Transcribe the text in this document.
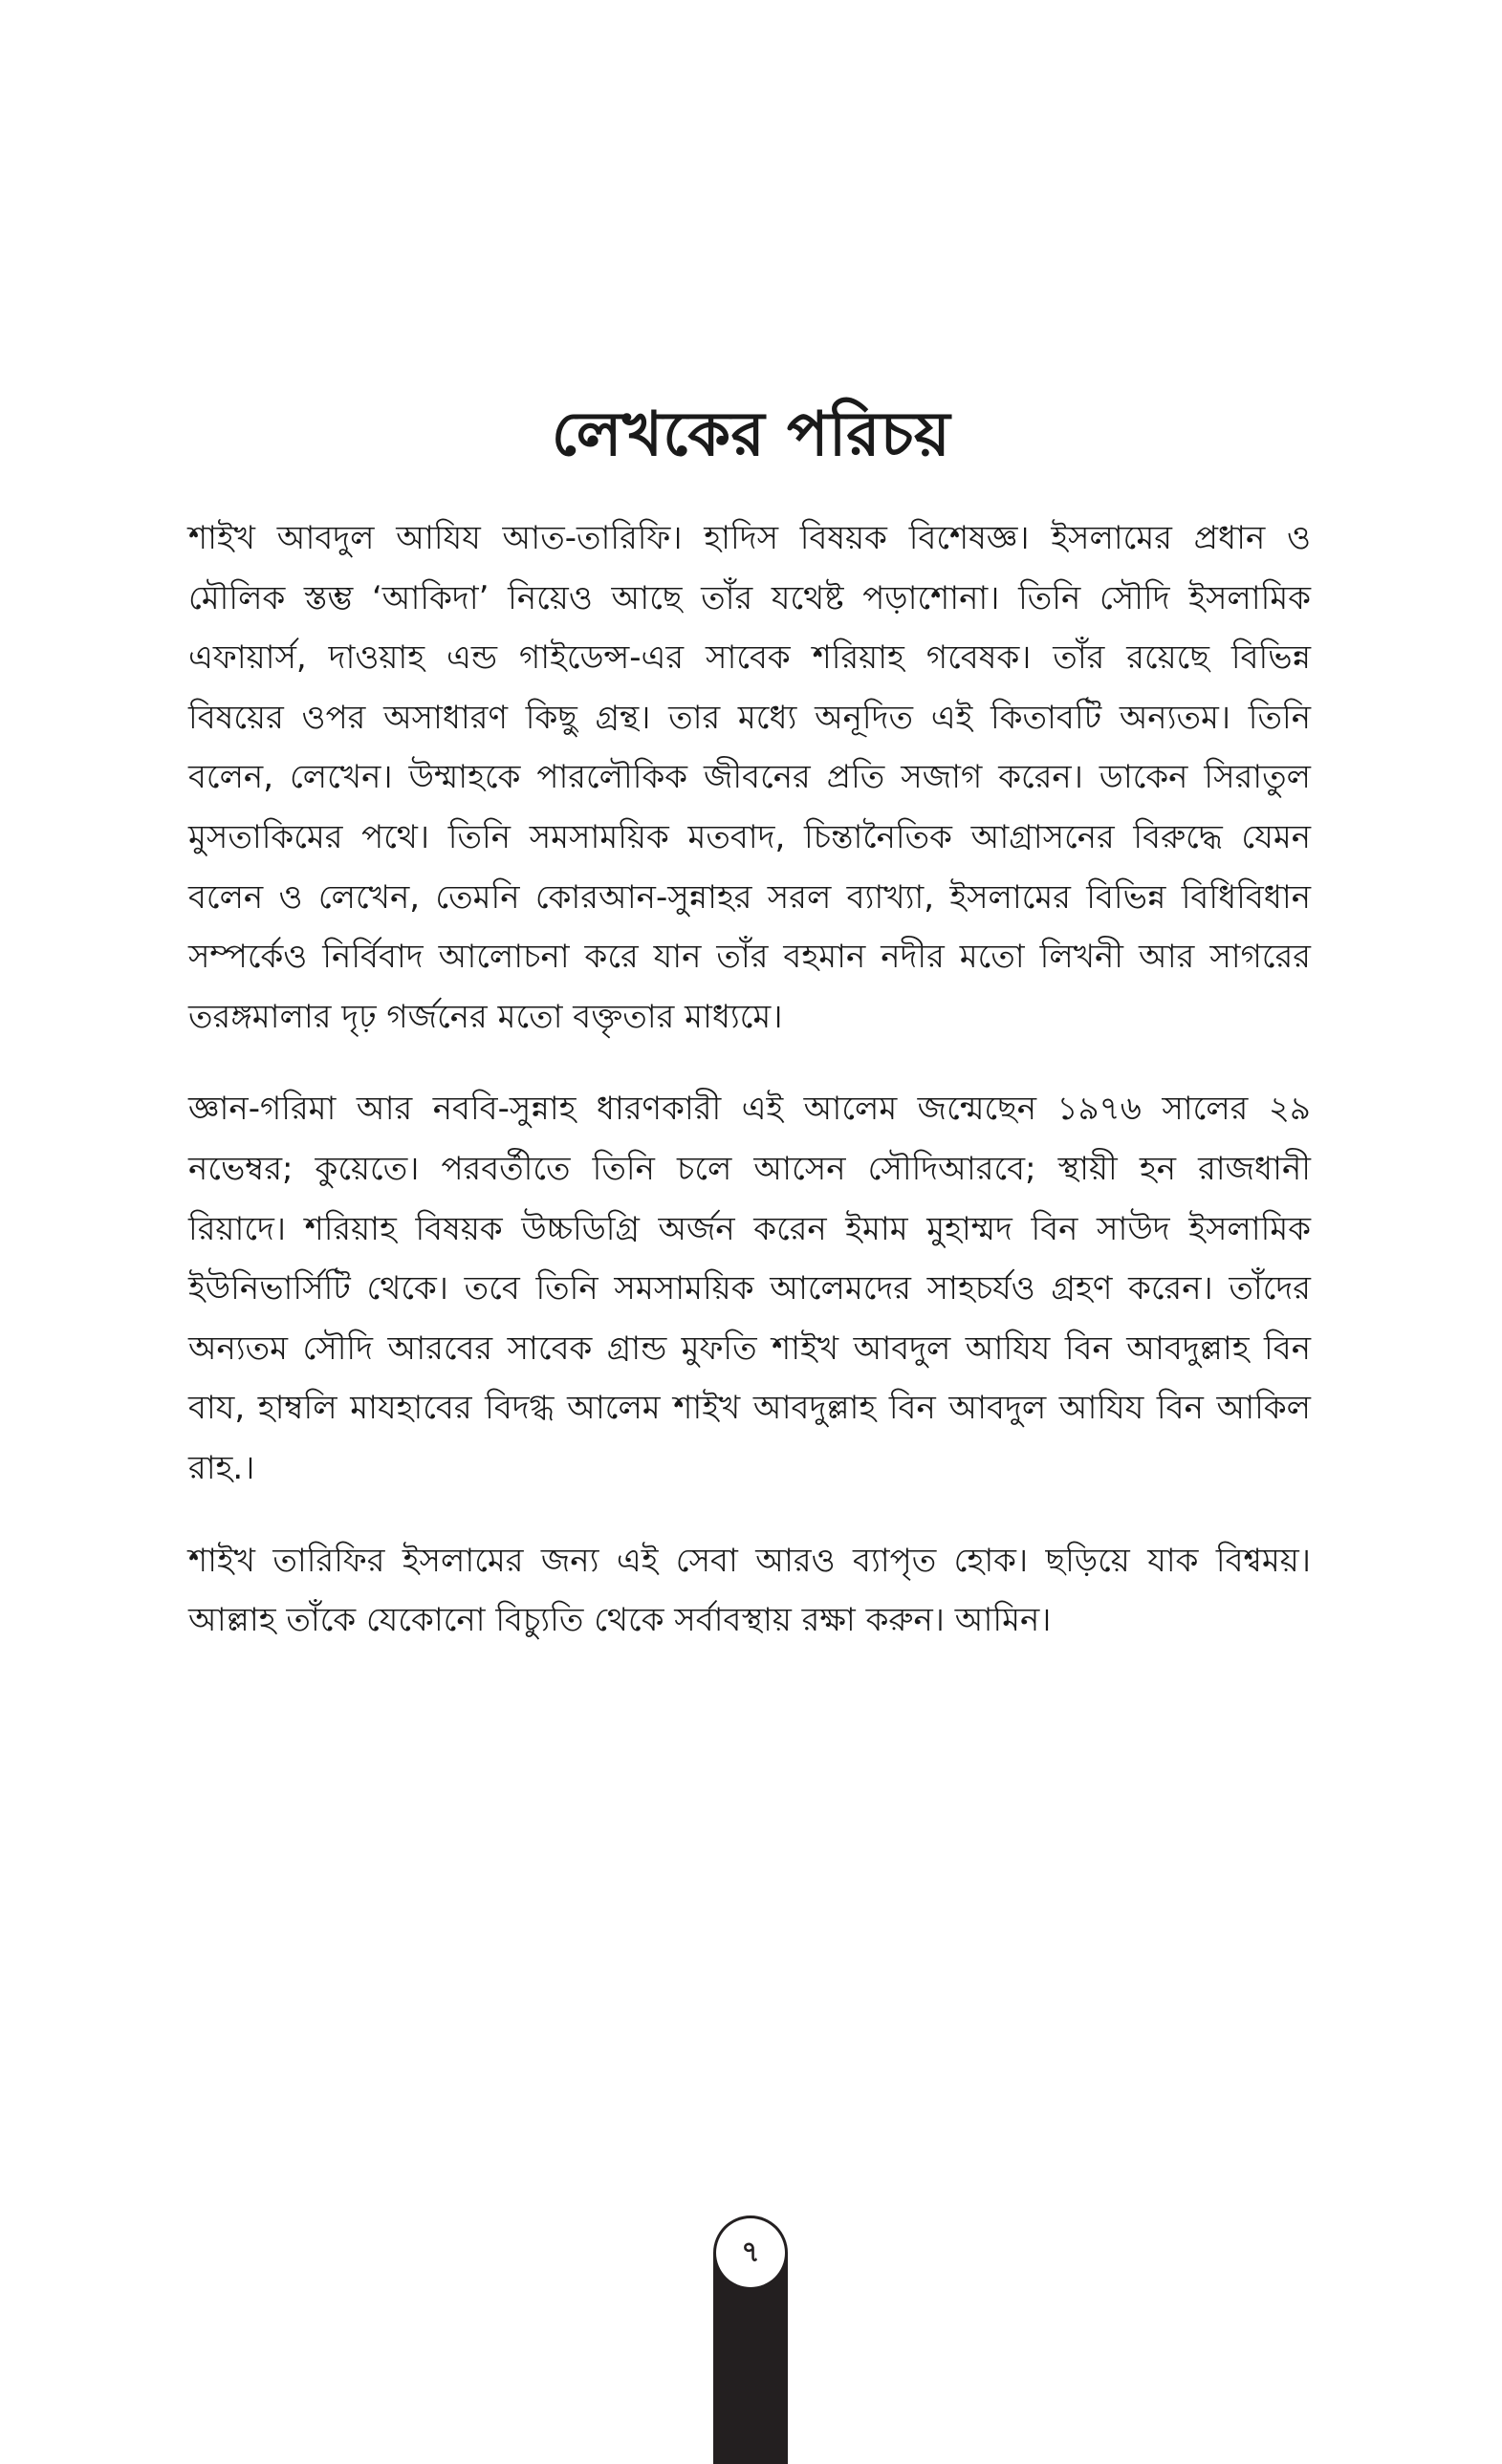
লেখকের পরিচয়

শাইখ আবদুল আযিয আত-তারিফি। হাদিস বিষয়ক বিশেষজ্ঞ। ইসলামের প্রধান ও মৌলিক স্তম্ভ ‘আকিদা’ নিয়েও আছে তাঁর যথেষ্ট পড়াশোনা। তিনি সৌদি ইসলামিক এফায়ার্স, দাওয়াহ এন্ড গাইডেন্স-এর সাবেক শরিয়াহ গবেষক। তাঁর রয়েছে বিভিন্ন বিষয়ের ওপর অসাধারণ কিছু গ্রন্থ। তার মধ্যে অনূদিত এই কিতাবটি অন্যতম। তিনি বলেন, লেখেন। উম্মাহকে পারলৌকিক জীবনের প্রতি সজাগ করেন। ডাকেন সিরাতুল মুসতাকিমের পথে। তিনি সমসাময়িক মতবাদ, চিন্তানৈতিক আগ্রাসনের বিরুদ্ধে যেমন বলেন ও লেখেন, তেমনি কোরআন-সুন্নাহর সরল ব্যাখ্যা, ইসলামের বিভিন্ন বিধিবিধান সম্পর্কেও নির্বিবাদ আলোচনা করে যান তাঁর বহমান নদীর মতো লিখনী আর সাগরের তরঙ্গমালার দৃঢ় গর্জনের মতো বক্তৃতার মাধ্যমে।

জ্ঞান-গরিমা আর নববি-সুন্নাহ ধারণকারী এই আলেম জন্মেছেন ১৯৭৬ সালের ২৯ নভেম্বর; কুয়েতে। পরবর্তীতে তিনি চলে আসেন সৌদিআরবে; স্থায়ী হন রাজধানী রিয়াদে। শরিয়াহ বিষয়ক উচ্চডিগ্রি অর্জন করেন ইমাম মুহাম্মদ বিন সাউদ ইসলামিক ইউনিভার্সিটি থেকে। তবে তিনি সমসাময়িক আলেমদের সাহচর্যও গ্রহণ করেন। তাঁদের অন্যতম সৌদি আরবের সাবেক গ্রান্ড মুফতি শাইখ আবদুল আযিয বিন আবদুল্লাহ বিন বায, হাম্বলি মাযহাবের বিদগ্ধ আলেম শাইখ আবদুল্লাহ বিন আবদুল আযিয বিন আকিল রাহ.।

শাইখ তারিফির ইসলামের জন্য এই সেবা আরও ব্যাপৃত হোক। ছড়িয়ে যাক বিশ্বময়। আল্লাহ তাঁকে যেকোনো বিচ্যুতি থেকে সর্বাবস্থায় রক্ষা করুন। আমিন।

৭
